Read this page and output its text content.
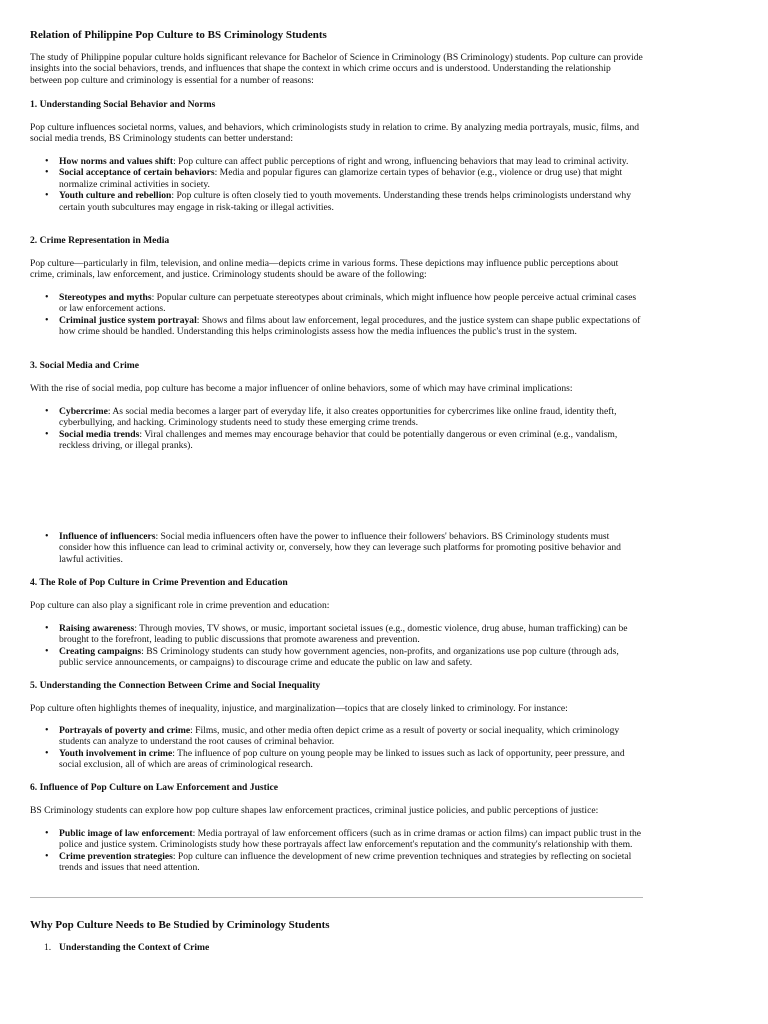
Relation of Philippine Pop Culture to BS Criminology Students

The study of Philippine popular culture holds significant relevance for Bachelor of Science in Criminology (BS Criminology) students. Pop culture can provide insights into the social behaviors, trends, and influences that shape the context in which crime occurs and is understood. Understanding the relationship between pop culture and criminology is essential for a number of reasons:

1. Understanding Social Behavior and Norms

Pop culture influences societal norms, values, and behaviors, which criminologists study in relation to crime. By analyzing media portrayals, music, films, and social media trends, BS Criminology students can better understand:

• How norms and values shift: Pop culture can affect public perceptions of right and wrong, influencing behaviors that may lead to criminal activity.
• Social acceptance of certain behaviors: Media and popular figures can glamorize certain types of behavior (e.g., violence or drug use) that might normalize criminal activities in society.
• Youth culture and rebellion: Pop culture is often closely tied to youth movements. Understanding these trends helps criminologists understand why certain youth subcultures may engage in risk-taking or illegal activities.
2. Crime Representation in Media

Pop culture—particularly in film, television, and online media—depicts crime in various forms. These depictions may influence public perceptions about crime, criminals, law enforcement, and justice. Criminology students should be aware of the following:

• Stereotypes and myths: Popular culture can perpetuate stereotypes about criminals, which might influence how people perceive actual criminal cases or law enforcement actions.
• Criminal justice system portrayal: Shows and films about law enforcement, legal procedures, and the justice system can shape public expectations of how crime should be handled. Understanding this helps criminologists assess how the media influences the public's trust in the system.
3. Social Media and Crime

With the rise of social media, pop culture has become a major influencer of online behaviors, some of which may have criminal implications:

• Cybercrime: As social media becomes a larger part of everyday life, it also creates opportunities for cybercrimes like online fraud, identity theft, cyberbullying, and hacking. Criminology students need to study these emerging crime trends.
• Social media trends: Viral challenges and memes may encourage behavior that could be potentially dangerous or even criminal (e.g., vandalism, reckless driving, or illegal pranks).
• Influence of influencers: Social media influencers often have the power to influence their followers' behaviors. BS Criminology students must consider how this influence can lead to criminal activity or, conversely, how they can leverage such platforms for promoting positive behavior and lawful activities.
4. The Role of Pop Culture in Crime Prevention and Education

Pop culture can also play a significant role in crime prevention and education:

• Raising awareness: Through movies, TV shows, or music, important societal issues (e.g., domestic violence, drug abuse, human trafficking) can be brought to the forefront, leading to public discussions that promote awareness and prevention.
• Creating campaigns: BS Criminology students can study how government agencies, non-profits, and organizations use pop culture (through ads, public service announcements, or campaigns) to discourage crime and educate the public on law and safety.
5. Understanding the Connection Between Crime and Social Inequality

Pop culture often highlights themes of inequality, injustice, and marginalization—topics that are closely linked to criminology. For instance:

• Portrayals of poverty and crime: Films, music, and other media often depict crime as a result of poverty or social inequality, which criminology students can analyze to understand the root causes of criminal behavior.
• Youth involvement in crime: The influence of pop culture on young people may be linked to issues such as lack of opportunity, peer pressure, and social exclusion, all of which are areas of criminological research.
6. Influence of Pop Culture on Law Enforcement and Justice

BS Criminology students can explore how pop culture shapes law enforcement practices, criminal justice policies, and public perceptions of justice:

• Public image of law enforcement: Media portrayal of law enforcement officers (such as in crime dramas or action films) can impact public trust in the police and justice system. Criminologists study how these portrayals affect law enforcement's reputation and the community's relationship with them.
• Crime prevention strategies: Pop culture can influence the development of new crime prevention techniques and strategies by reflecting on societal trends and issues that need attention.
Why Pop Culture Needs to Be Studied by Criminology Students
1. Understanding the Context of Crime
